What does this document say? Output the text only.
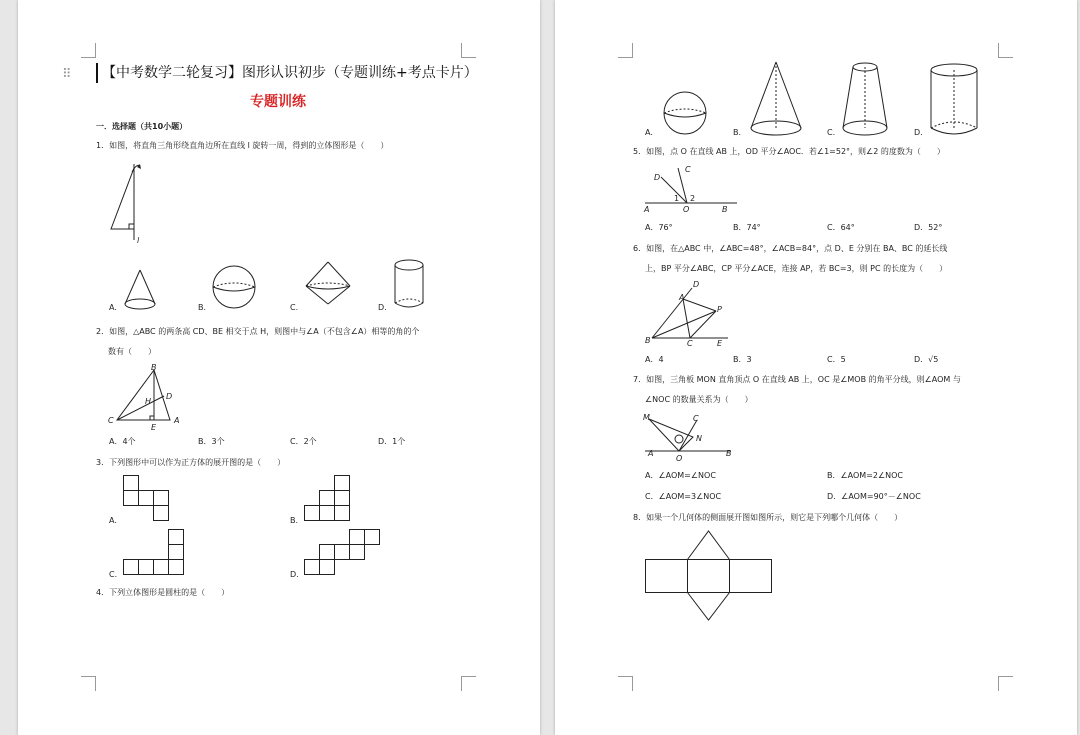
⠿	【中考数学二轮复习】图形认识初步（专题训练+考点卡片）
专题训练
一．选择题（共10小题）
1．如图，将直角三角形绕直角边所在直线 l 旋转一周，得到的立体图形是（　　）
l
A.	B.	C.	D.
2．如图，△ABC 的两条高 CD、BE 相交于点 H，则图中与∠A（不包含∠A）相等的角的个
数有（　　）
B
C
H
D
E
A
A．4个	B．3个	C．2个	D．1个
3．下列图形中可以作为正方体的展开图的是（　　）
A.	B.
C.	D.
4．下列立体图形是圆柱的是（　　）
A.	B.	C.	D.
5．如图，点 O 在直线 AB 上，OD 平分∠AOC．若∠1=52°，则∠2 的度数为（　　）
C
D
1 2
A	O	B
A．76°	B．74°	C．64°	D．52°
6．如图，在△ABC 中，∠ABC=48°，∠ACB=84°，点 D、E 分别在 BA、BC 的延长线
上，BP 平分∠ABC，CP 平分∠ACE，连接 AP，若 BC=3，则 PC 的长度为（　　）
D
A
P
B	C	E
A．4	B．3	C．5	D．√5
7．如图，三角板 MON 直角顶点 O 在直线 AB 上，OC 是∠MOB 的角平分线，则∠AOM 与
∠NOC 的数量关系为（　　）
M	C
N
A
O
B
A．∠AOM=∠NOC	B．∠AOM=2∠NOC
C．∠AOM=3∠NOC	D．∠AOM=90°－∠NOC
8．如果一个几何体的侧面展开图如图所示，则它是下列哪个几何体（　　）
